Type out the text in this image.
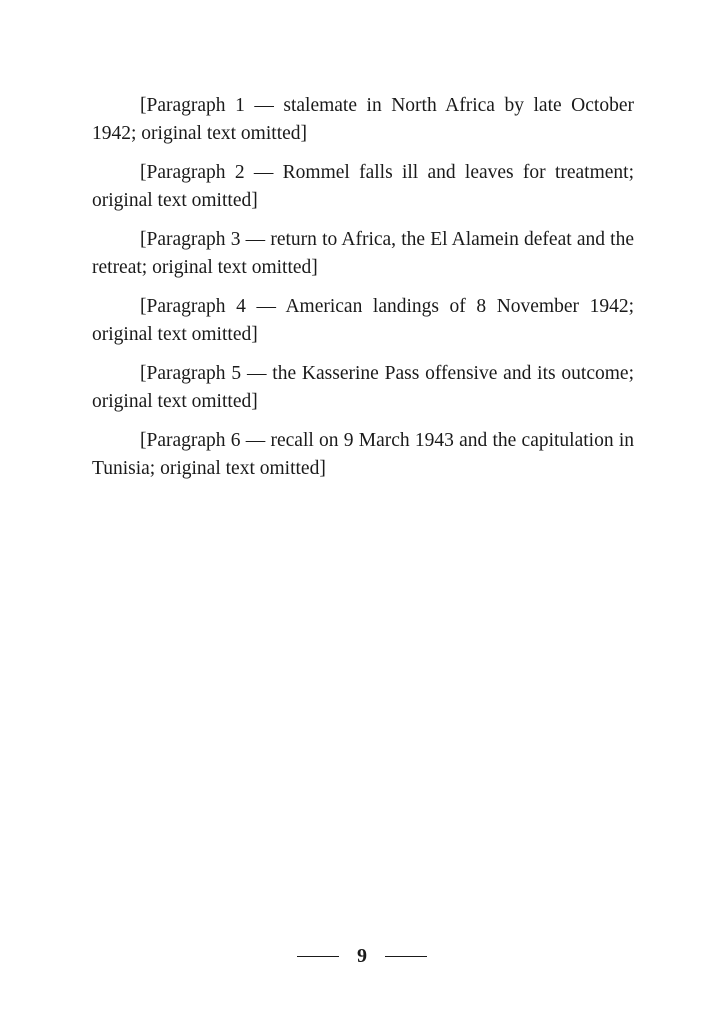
[Paragraph 1 — stalemate in North Africa by late October 1942; original text omitted]

[Paragraph 2 — Rommel falls ill and leaves for treatment; original text omitted]

[Paragraph 3 — return to Africa, the El Alamein defeat and the retreat; original text omitted]

[Paragraph 4 — American landings of 8 November 1942; original text omitted]

[Paragraph 5 — the Kasserine Pass offensive and its outcome; original text omitted]

[Paragraph 6 — recall on 9 March 1943 and the capitulation in Tunisia; original text omitted]

9
